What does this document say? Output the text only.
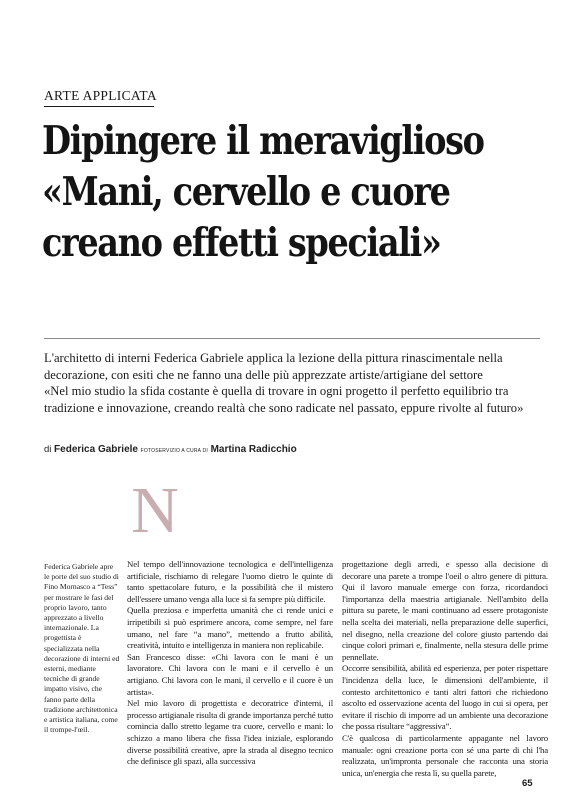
ARTE APPLICATA
Dipingere il meraviglioso
«Mani, cervello e cuore
creano effetti speciali»

L'architetto di interni Federica Gabriele applica la lezione della pittura rinascimentale nella decorazione, con esiti che ne fanno una delle più apprezzate artiste/artigiane del settore

«Nel mio studio la sfida costante è quella di trovare in ogni progetto il perfetto equilibrio tra tradizione e innovazione, creando realtà che sono radicate nel passato, eppure rivolte al futuro»

di Federica Gabriele FOTOSERVIZIO A CURA DI Martina Radicchio
N
Federica Gabriele apre le porte del suo studio di Fino Mornasco a “Tess” per mostrare le fasi del proprio lavoro, tanto apprezzato a livello internazionale. La progettista è specializzata nella decorazione di interni ed esterni, mediante tecniche di grande impatto visivo, che fanno parte della tradizione architettonica e artistica italiana, come il trompe-l'œil.

Nel tempo dell'innovazione tecnologica e dell'intelligenza artificiale, rischiamo di relegare l'uomo dietro le quinte di tanto spettacolare futuro, e la possibilità che il mistero dell'essere umano venga alla luce si fa sempre più difficile.

Quella preziosa e imperfetta umanità che ci rende unici e irripetibili si può esprimere ancora, come sempre, nel fare umano, nel fare “a mano”, mettendo a frutto abilità, creatività, intuito e intelligenza in maniera non replicabile.

San Francesco disse: «Chi lavora con le mani è un lavoratore. Chi lavora con le mani e il cervello è un artigiano. Chi lavora con le mani, il cervello e il cuore è un artista».

Nel mio lavoro di progettista e decoratrice d'interni, il processo artigianale risulta di grande importanza perché tutto comincia dallo stretto legame tra cuore, cervello e mani: lo schizzo a mano libera che fissa l'idea iniziale, esplorando diverse possibilità creative, apre la strada al disegno tecnico che definisce gli spazi, alla successiva

progettazione degli arredi, e spesso alla decisione di decorare una parete a trompe l'oeil o altro genere di pittura. Qui il lavoro manuale emerge con forza, ricordandoci l'importanza della maestria artigianale. Nell'ambito della pittura su parete, le mani continuano ad essere protagoniste nella scelta dei materiali, nella preparazione delle superfici, nel disegno, nella creazione del colore giusto partendo dai cinque colori primari e, finalmente, nella stesura delle prime pennellate.

Occorre sensibilità, abilità ed esperienza, per poter rispettare l'incidenza della luce, le dimensioni dell'ambiente, il contesto architettonico e tanti altri fattori che richiedono ascolto ed osservazione acenta del luogo in cui si opera, per evitare il rischio di imporre ad un ambiente una decorazione che possa risultare “aggressiva”.

C'è qualcosa di particolarmente appagante nel lavoro manuale: ogni creazione porta con sé una parte di chi l'ha realizzata, un'impronta personale che racconta una storia unica, un'energia che resta lì, su quella parete,

65
